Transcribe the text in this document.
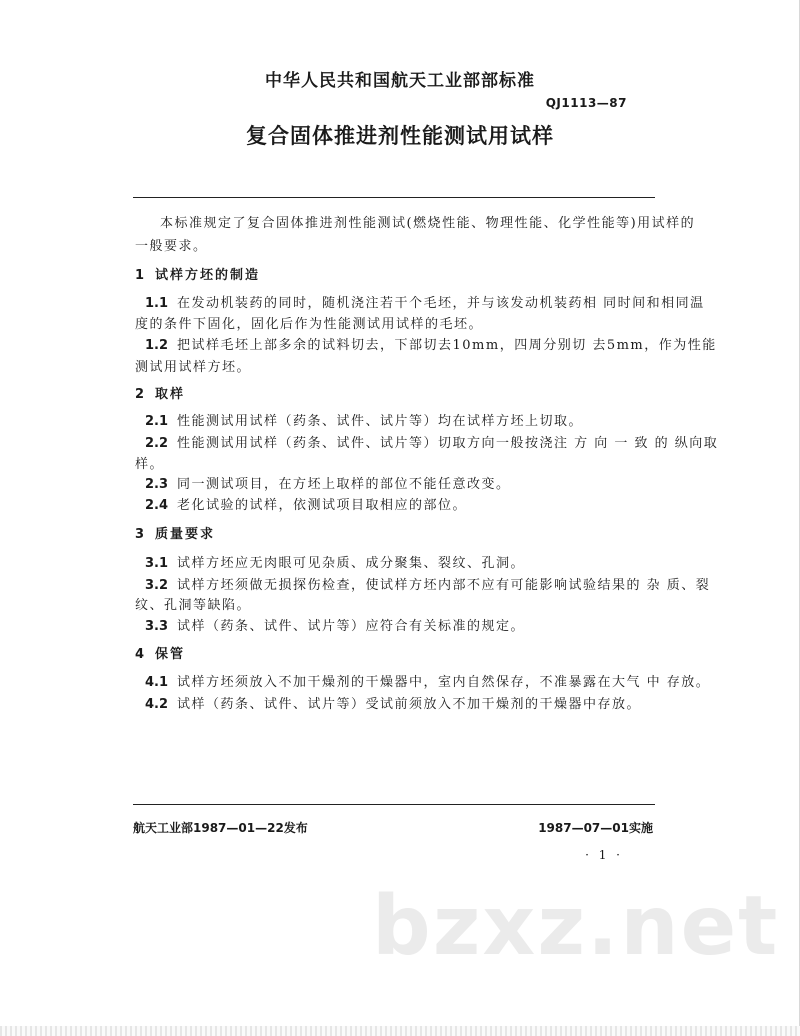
中华人民共和国航天工业部部标准
QJ1113—87
复合固体推进剂性能测试用试样
本标准规定了复合固体推进剂性能测试(燃烧性能、物理性能、化学性能等)用试样的
一般要求。
1 试样方坯的制造
1.1 在发动机装药的同时，随机浇注若干个毛坯，并与该发动机装药相 同时间和相同温
度的条件下固化，固化后作为性能测试用试样的毛坯。
1.2 把试样毛坯上部多余的试料切去，下部切去10mm，四周分别切 去5mm，作为性能
测试用试样方坯。
2 取样
2.1 性能测试用试样（药条、试件、试片等）均在试样方坯上切取。
2.2 性能测试用试样（药条、试件、试片等）切取方向一般按浇注 方 向 一 致 的 纵向取
样。
2.3 同一测试项目，在方坯上取样的部位不能任意改变。
2.4 老化试验的试样，依测试项目取相应的部位。
3 质量要求
3.1 试样方坯应无肉眼可见杂质、成分聚集、裂纹、孔洞。
3.2 试样方坯须做无损探伤检查，使试样方坯内部不应有可能影响试验结果的 杂 质、裂
纹、孔洞等缺陷。
3.3 试样（药条、试件、试片等）应符合有关标准的规定。
4 保管
4.1 试样方坯须放入不加干燥剂的干燥器中，室内自然保存，不准暴露在大气 中 存放。
4.2 试样（药条、试件、试片等）受试前须放入不加干燥剂的干燥器中存放。
航天工业部1987—01—22发布	1987—07—01实施
· 1 ·
bzxz.net
